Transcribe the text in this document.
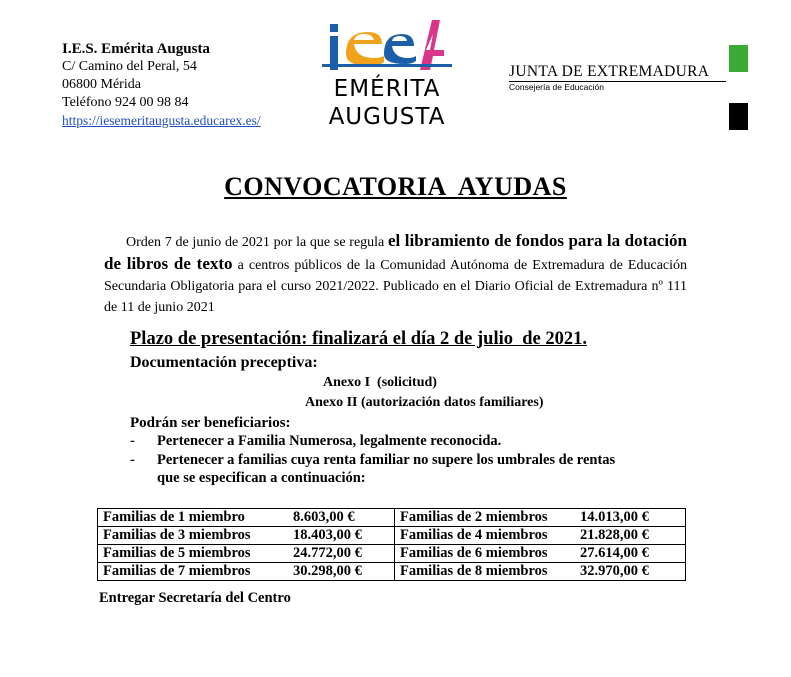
I.E.S. Emérita Augusta
C/ Camino del Peral, 54
06800 Mérida
Teléfono 924 00 98 84
https://iesemeritaugusta.educarex.es/
EMÉRITA
AUGUSTA
JUNTA DE EXTREMADURA
Consejería de Educación
CONVOCATORIA  AYUDAS
Orden 7 de junio de 2021 por la que se regula el libramiento de fondos para la dotación de libros de texto a centros públicos de la Comunidad Autónoma de Extremadura de Educación Secundaria Obligatoria para el curso 2021/2022. Publicado en el Diario Oficial de Extremadura nº 111 de 11 de junio 2021
Plazo de presentación: finalizará el día 2 de julio  de 2021.
Documentación preceptiva:
Anexo I  (solicitud)
Anexo II (autorización datos familiares)
Podrán ser beneficiarios:
- Pertenecer a Familia Numerosa, legalmente reconocida.
- Pertenecer a familias cuya renta familiar no supere los umbrales de rentas
que se especifican a continuación:
Familias de 1 miembro 8.603,00 €	Familias de 2 miembros 14.013,00 €
Familias de 3 miembros 18.403,00 €	Familias de 4 miembros 21.828,00 €
Familias de 5 miembros 24.772,00 €	Familias de 6 miembros 27.614,00 €
Familias de 7 miembros 30.298,00 €	Familias de 8 miembros 32.970,00 €
Entregar Secretaría del Centro
